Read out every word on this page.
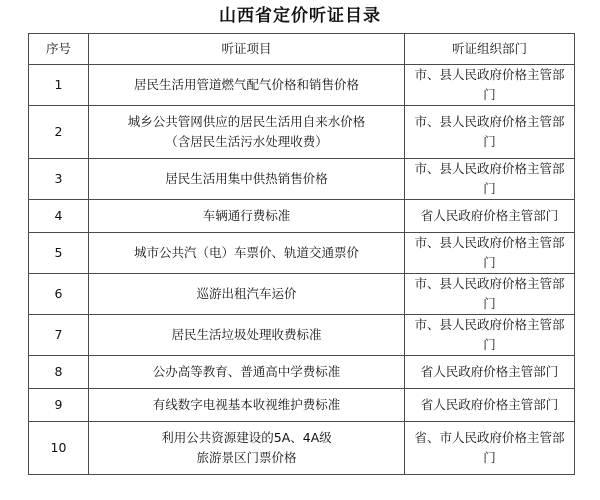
山西省定价听证目录
序号	听证项目	听证组织部门
1	居民生活用管道燃气配气价格和销售价格	市、县人民政府价格主管部门
2	城乡公共管网供应的居民生活用自来水价格
（含居民生活污水处理收费）	市、县人民政府价格主管部门
3	居民生活用集中供热销售价格	市、县人民政府价格主管部门
4	车辆通行费标准	省人民政府价格主管部门
5	城市公共汽（电）车票价、轨道交通票价	市、县人民政府价格主管部门
6	巡游出租汽车运价	市、县人民政府价格主管部门
7	居民生活垃圾处理收费标准	市、县人民政府价格主管部门
8	公办高等教育、普通高中学费标准	省人民政府价格主管部门
9	有线数字电视基本收视维护费标准	省人民政府价格主管部门
10	利用公共资源建设的5A、4A级
旅游景区门票价格	省、市人民政府价格主管部门
